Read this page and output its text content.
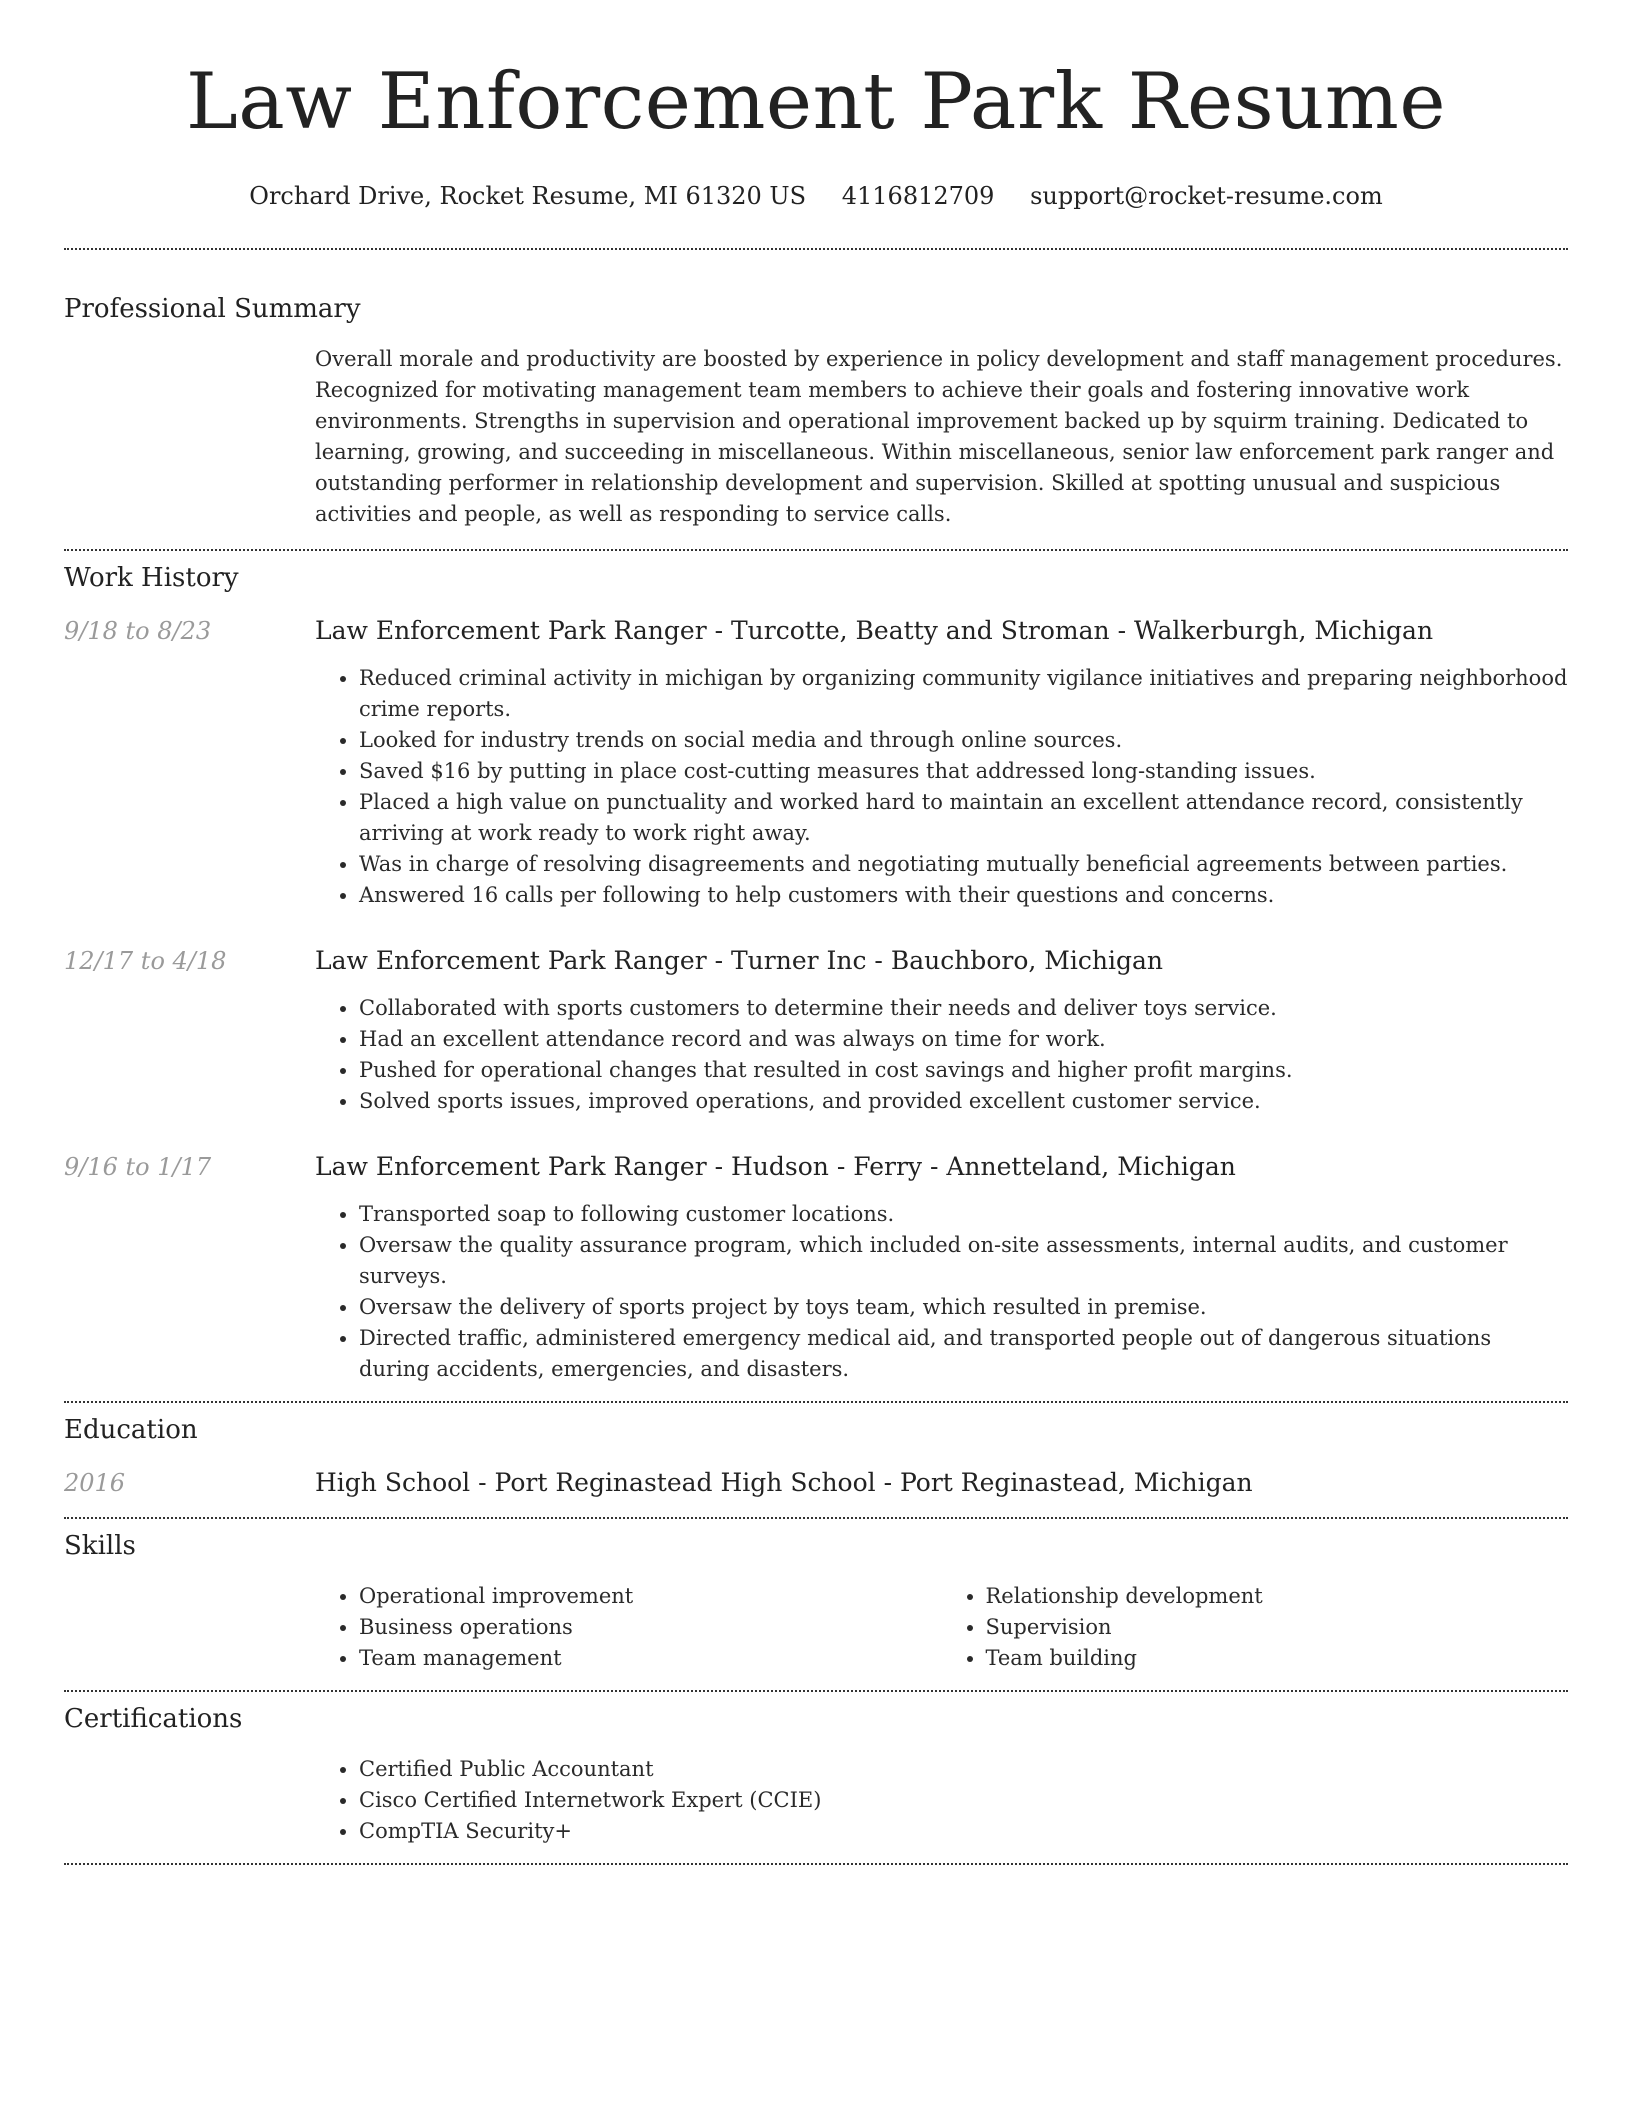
Law Enforcement Park Resume
Orchard Drive, Rocket Resume, MI 61320 US 4116812709 support@rocket-resume.com
Professional Summary

Overall morale and productivity are boosted by experience in policy development and staff management procedures. Recognized for motivating management team members to achieve their goals and fostering innovative work environments. Strengths in supervision and operational improvement backed up by squirm training. Dedicated to learning, growing, and succeeding in miscellaneous. Within miscellaneous, senior law enforcement park ranger and outstanding performer in relationship development and supervision. Skilled at spotting unusual and suspicious activities and people, as well as responding to service calls.

Work History
9/18 to 8/23	Law Enforcement Park Ranger - Turcotte, Beatty and Stroman - Walkerburgh, Michigan

• Reduced criminal activity in michigan by organizing community vigilance initiatives and preparing neighborhood crime reports.
• Looked for industry trends on social media and through online sources.
• Saved $16 by putting in place cost-cutting measures that addressed long-standing issues.
• Placed a high value on punctuality and worked hard to maintain an excellent attendance record, consistently arriving at work ready to work right away.
• Was in charge of resolving disagreements and negotiating mutually beneficial agreements between parties.
• Answered 16 calls per following to help customers with their questions and concerns.
12/17 to 4/18	Law Enforcement Park Ranger - Turner Inc - Bauchboro, Michigan

• Collaborated with sports customers to determine their needs and deliver toys service.
• Had an excellent attendance record and was always on time for work.
• Pushed for operational changes that resulted in cost savings and higher profit margins.
• Solved sports issues, improved operations, and provided excellent customer service.
9/16 to 1/17	Law Enforcement Park Ranger - Hudson - Ferry - Annetteland, Michigan

• Transported soap to following customer locations.
• Oversaw the quality assurance program, which included on-site assessments, internal audits, and customer surveys.
• Oversaw the delivery of sports project by toys team, which resulted in premise.
• Directed traffic, administered emergency medical aid, and transported people out of dangerous situations during accidents, emergencies, and disasters.
Education
2016	High School - Port Reginastead High School - Port Reginastead, Michigan

Skills
• Operational improvement
• Business operations
• Team management
• Relationship development
• Supervision
• Team building
Certifications
• Certified Public Accountant
• Cisco Certified Internetwork Expert (CCIE)
• CompTIA Security+
